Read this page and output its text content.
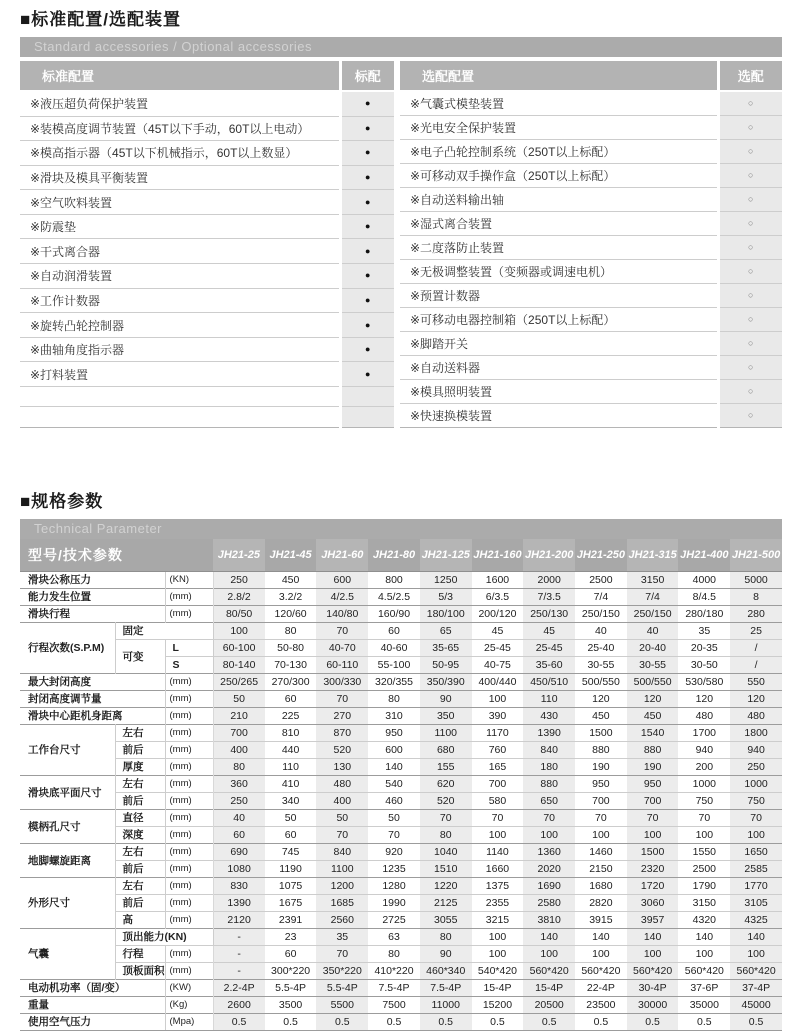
■标准配置/选配装置
Standard accessories / Optional accessories
标准配置	标配
※液压超负荷保护装置	●
※装模高度调节装置（45T以下手动，60T以上电动）	●
※模高指示器（45T以下机械指示，60T以上数显）	●
※滑块及模具平衡装置	●
※空气吹料装置	●
※防震垫	●
※干式离合器	●
※自动润滑装置	●
※工作计数器	●
※旋转凸轮控制器	●
※曲轴角度指示器	●
※打料装置	●

选配配置	选配
※气囊式模垫装置	○
※光电安全保护装置	○
※电子凸轮控制系统（250T以上标配）	○
※可移动双手操作盒（250T以上标配）	○
※自动送料输出轴	○
※湿式离合装置	○
※二度落防止装置	○
※无极调整装置（变频器或调速电机）	○
※预置计数器	○
※可移动电器控制箱（250T以上标配）	○
※脚踏开关	○
※自动送料器	○
※模具照明装置	○
※快速换模装置	○
■规格参数
Technical Parameter
型号/技术参数			JH21-25	JH21-45	JH21-60	JH21-80	JH21-125	JH21-160	JH21-200	JH21-250	JH21-315	JH21-400	JH21-500
滑块公称压力		(KN)	250	450	600	800	1250	1600	2000	2500	3150	4000	5000
能力发生位置		(mm)	2.8/2	3.2/2	4/2.5	4.5/2.5	5/3	6/3.5	7/3.5	7/4	7/4	8/4.5	8
滑块行程		(mm)	80/50	120/60	140/80	160/90	180/100	200/120	250/130	250/150	250/150	280/180	280
行程次数(S.P.M)	固定		100	80	70	60	65	45	45	40	40	35	25
	可变	L	60-100	50-80	40-70	40-60	35-65	25-45	25-45	25-40	20-40	20-35	/
		S	80-140	70-130	60-110	55-100	50-95	40-75	35-60	30-55	30-55	30-50	/
最大封闭高度		(mm)	250/265	270/300	300/330	320/355	350/390	400/440	450/510	500/550	500/550	530/580	550
封闭高度调节量		(mm)	50	60	70	80	90	100	110	120	120	120	120
滑块中心距机身距离		(mm)	210	225	270	310	350	390	430	450	450	480	480
工作台尺寸	左右	(mm)	700	810	870	950	1100	1170	1390	1500	1540	1700	1800
	前后	(mm)	400	440	520	600	680	760	840	880	880	940	940
	厚度	(mm)	80	110	130	140	155	165	180	190	190	200	250
滑块底平面尺寸	左右	(mm)	360	410	480	540	620	700	880	950	950	1000	1000
	前后	(mm)	250	340	400	460	520	580	650	700	700	750	750
模柄孔尺寸	直径	(mm)	40	50	50	50	70	70	70	70	70	70	70
	深度	(mm)	60	60	70	70	80	100	100	100	100	100	100
地脚螺旋距离	左右	(mm)	690	745	840	920	1040	1140	1360	1460	1500	1550	1650
	前后	(mm)	1080	1190	1100	1235	1510	1660	2020	2150	2320	2500	2585
外形尺寸	左右	(mm)	830	1075	1200	1280	1220	1375	1690	1680	1720	1790	1770
	前后	(mm)	1390	1675	1685	1990	2125	2355	2580	2820	3060	3150	3105
	高	(mm)	2120	2391	2560	2725	3055	3215	3810	3915	3957	4320	4325
气囊	顶出能力(KN)		-	23	35	63	80	100	140	140	140	140	140
	行程	(mm)	-	60	70	80	90	100	100	100	100	100	100
	顶板面积	(mm)	-	300*220	350*220	410*220	460*340	540*420	560*420	560*420	560*420	560*420	560*420
电动机功率（固/变）		(KW)	2.2-4P	5.5-4P	5.5-4P	7.5-4P	7.5-4P	15-4P	15-4P	22-4P	30-4P	37-6P	37-4P
重量		(Kg)	2600	3500	5500	7500	11000	15200	20500	23500	30000	35000	45000
使用空气压力		(Mpa)	0.5	0.5	0.5	0.5	0.5	0.5	0.5	0.5	0.5	0.5	0.5
